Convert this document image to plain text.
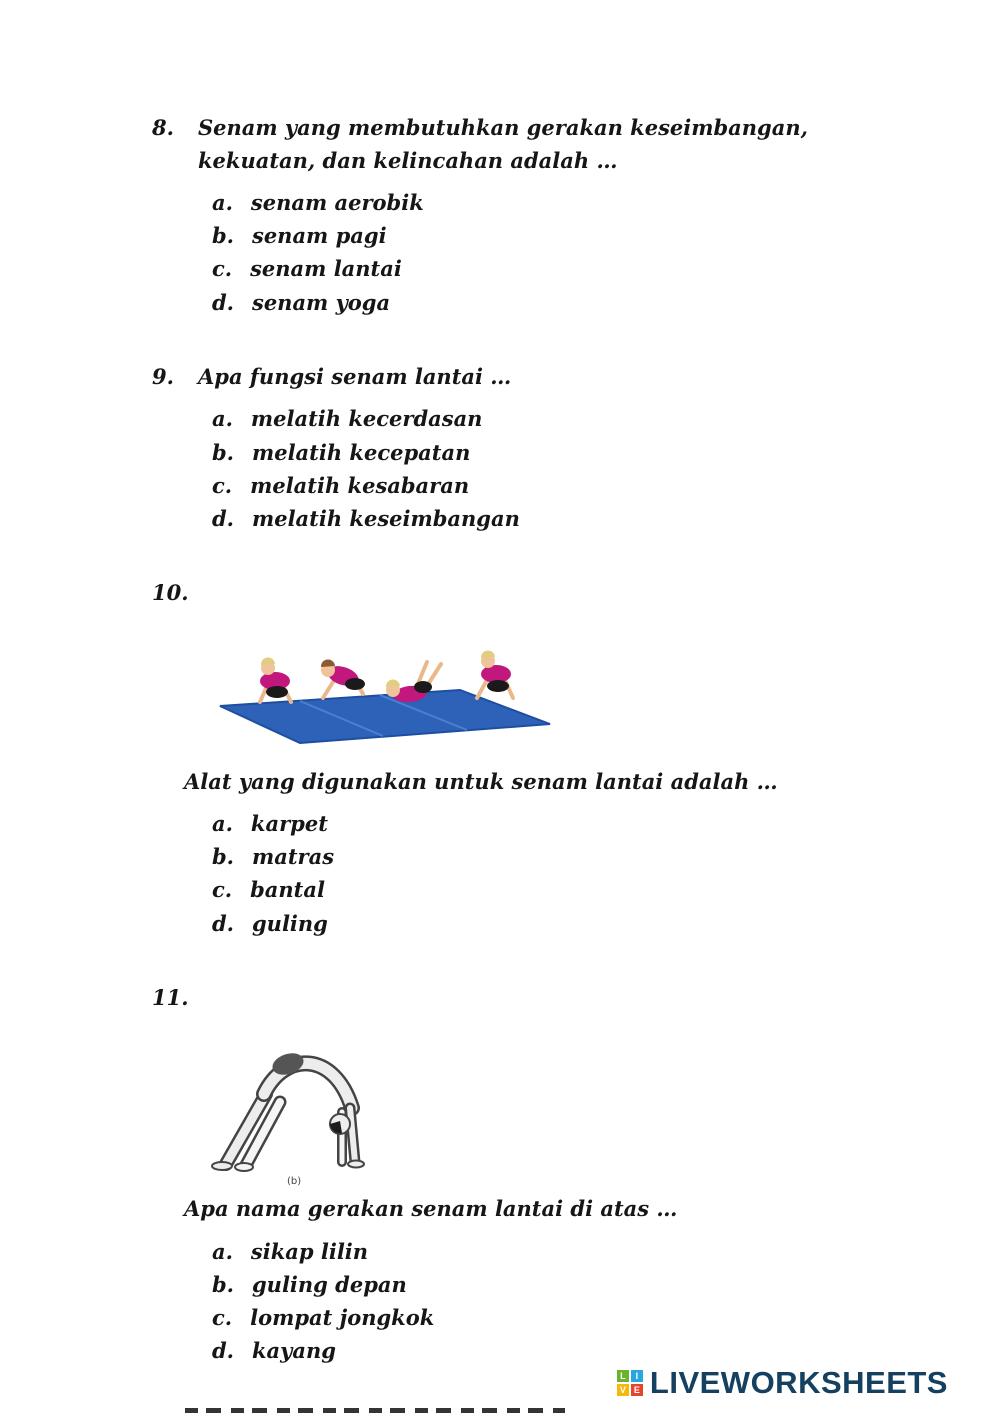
8.	Senam yang membutuhkan gerakan keseimbangan, kekuatan, dan kelincahan adalah …
a. senam aerobik
b. senam pagi
c. senam lantai
d. senam yoga
9.	Apa fungsi senam lantai …
a. melatih kecerdasan
b. melatih kecepatan
c. melatih kesabaran
d. melatih keseimbangan
10.
Alat yang digunakan untuk senam lantai adalah …
a. karpet
b. matras
c. bantal
d. guling
11.
(b)
Apa nama gerakan senam lantai di atas …
a. sikap lilin
b. guling depan
c. lompat jongkok
d. kayang
L	I
V E LIVEWORKSHEETS
